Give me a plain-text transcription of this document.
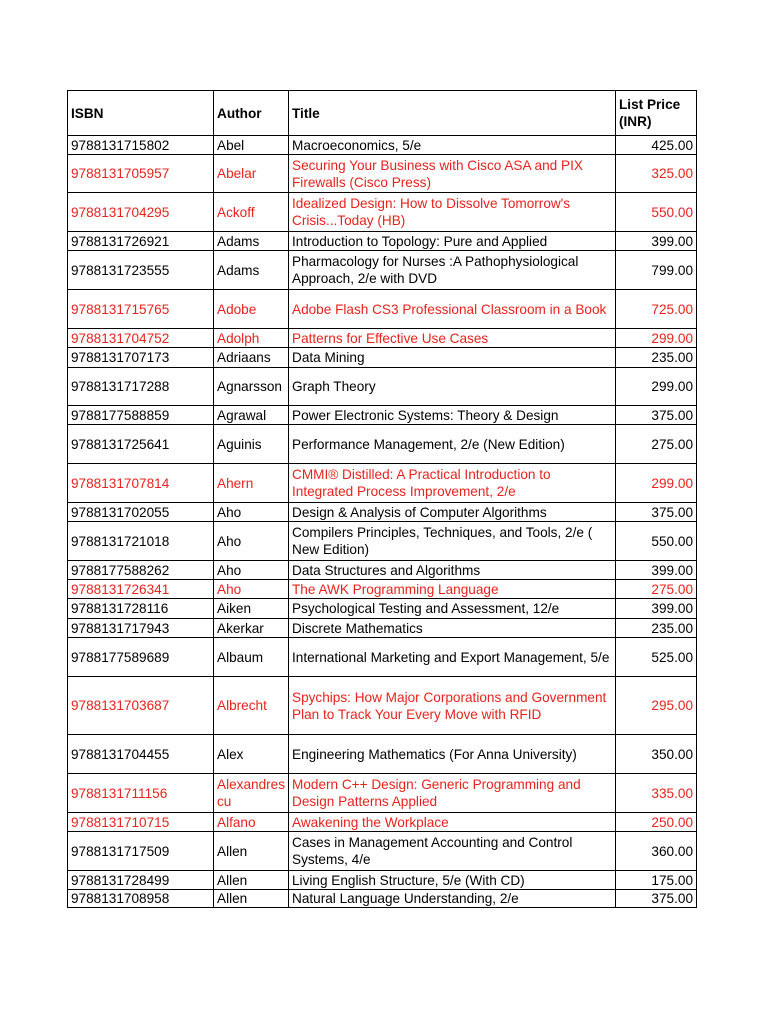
ISBN	Author	Title	List Price (INR)
9788131715802	Abel	Macroeconomics, 5/e	425.00
9788131705957	Abelar	Securing Your Business with Cisco ASA and PIX Firewalls (Cisco Press)	325.00
9788131704295	Ackoff	Idealized Design: How to Dissolve Tomorrow's Crisis...Today (HB)	550.00
9788131726921	Adams	Introduction to Topology: Pure and Applied	399.00
9788131723555	Adams	Pharmacology for Nurses :A Pathophysiological Approach, 2/e with DVD	799.00
9788131715765	Adobe	Adobe Flash CS3 Professional Classroom in a Book	725.00
9788131704752	Adolph	Patterns for Effective Use Cases	299.00
9788131707173	Adriaans	Data Mining	235.00
9788131717288	Agnarsson	Graph Theory	299.00
9788177588859	Agrawal	Power Electronic Systems: Theory & Design	375.00
9788131725641	Aguinis	Performance Management, 2/e (New Edition)	275.00
9788131707814	Ahern	CMMI® Distilled: A Practical Introduction to Integrated Process Improvement, 2/e	299.00
9788131702055	Aho	Design & Analysis of Computer Algorithms	375.00
9788131721018	Aho	Compilers Principles, Techniques, and Tools, 2/e ( New Edition)	550.00
9788177588262	Aho	Data Structures and Algorithms	399.00
9788131726341	Aho	The AWK Programming Language	275.00
9788131728116	Aiken	Psychological Testing and Assessment, 12/e	399.00
9788131717943	Akerkar	Discrete Mathematics	235.00
9788177589689	Albaum	International Marketing and Export Management, 5/e	525.00
9788131703687	Albrecht	Spychips: How Major Corporations and Government Plan to Track Your Every Move with RFID	295.00
9788131704455	Alex	Engineering Mathematics (For Anna University)	350.00
9788131711156	Alexandrescu	Modern C++ Design: Generic Programming and Design Patterns Applied	335.00
9788131710715	Alfano	Awakening the Workplace	250.00
9788131717509	Allen	Cases in Management Accounting and Control Systems, 4/e	360.00
9788131728499	Allen	Living English Structure, 5/e (With CD)	175.00
9788131708958	Allen	Natural Language Understanding, 2/e	375.00
